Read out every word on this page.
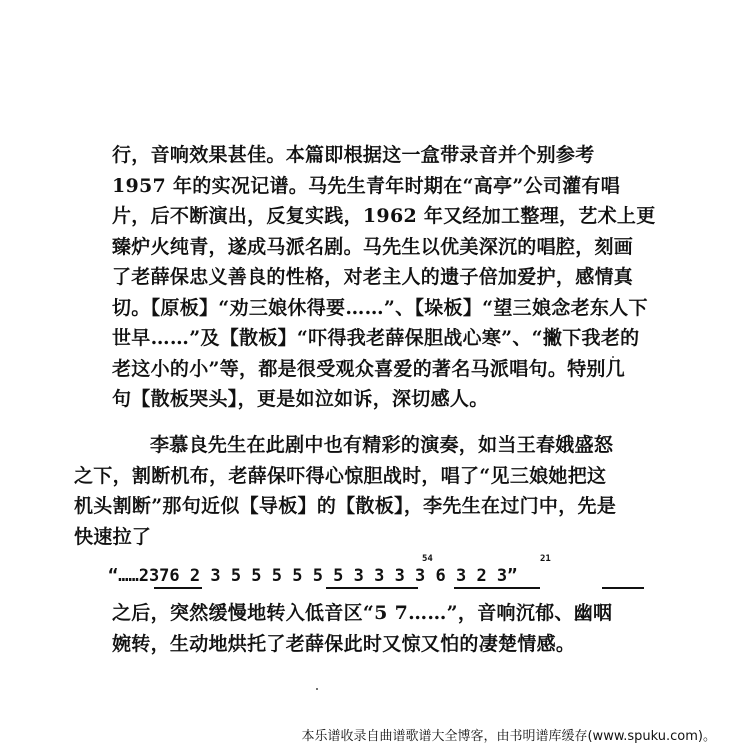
行，音响效果甚佳。本篇即根据这一盒带录音并个别参考
1957 年的实况记谱。马先生青年时期在“高亭”公司灌有唱
片，后不断演出，反复实践，1962 年又经加工整理，艺术上更
臻炉火纯青，遂成马派名剧。马先生以优美深沉的唱腔，刻画
了老薛保忠义善良的性格，对老主人的遗子倍加爱护，感情真
切。【原板】“劝三娘休得要……”、【垛板】“望三娘念老东人下
世早……”及【散板】“吓得我老薛保胆战心寒”、“撇下我老的
老这小的小”等，都是很受观众喜爱的著名马派唱句。特别几
句【散板哭头】，更是如泣如诉，深切感人。
李慕良先生在此剧中也有精彩的演奏，如当王春娥盛怒
之下，割断机布，老薛保吓得心惊胆战时，唱了“见三娘她把这
机头割断”那句近似【导板】的【散板】，李先生在过门中，先是
快速拉了
“……2376 2 3 5 5 5 5 5 5 3 3 3 3 6 3 2 3”
54	21
之后，突然缓慢地转入低音区“5 7……”，音响沉郁、幽咽
婉转，生动地烘托了老薛保此时又惊又怕的凄楚情感。
本乐谱收录自曲谱歌谱大全博客，由书明谱库缓存(www.spuku.com)。
